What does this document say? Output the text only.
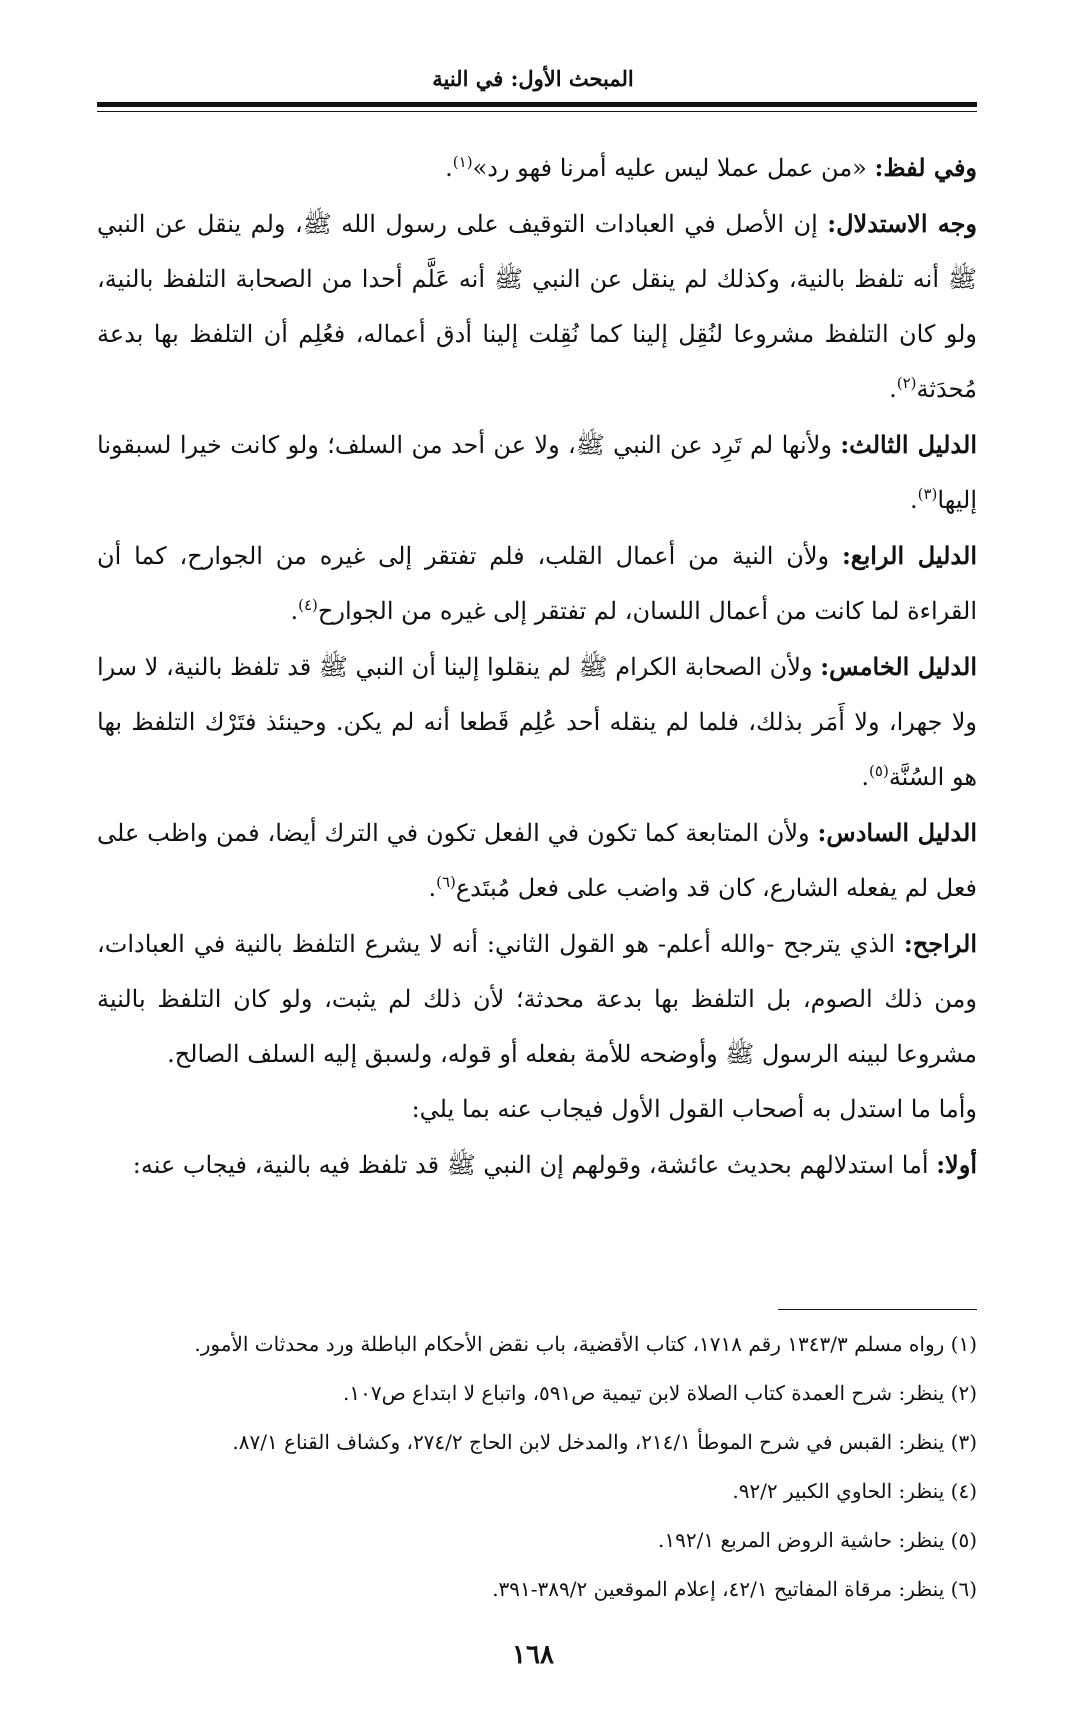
المبحث الأول: في النية

وفي لفظ: «من عمل عملا ليس عليه أمرنا فهو رد»$^{(١)}$.

وجه الاستدلال: إن الأصل في العبادات التوقيف على رسول الله ﷺ، ولم ينقل عن النبي ﷺ أنه تلفظ بالنية، وكذلك لم ينقل عن النبي ﷺ أنه عَلَّم أحدا من الصحابة التلفظ بالنية، ولو كان التلفظ مشروعا لنُقِل إلينا كما نُقِلت إلينا أدق أعماله، فعُلِم أن التلفظ بها بدعة مُحدَثة$^{(٢)}$.

الدليل الثالث: ولأنها لم تَرِد عن النبي ﷺ، ولا عن أحد من السلف؛ ولو كانت خيرا لسبقونا إليها$^{(٣)}$.

الدليل الرابع: ولأن النية من أعمال القلب، فلم تفتقر إلى غيره من الجوارح، كما أن القراءة لما كانت من أعمال اللسان، لم تفتقر إلى غيره من الجوارح$^{(٤)}$.

الدليل الخامس: ولأن الصحابة الكرام ﷺ لم ينقلوا إلينا أن النبي ﷺ قد تلفظ بالنية، لا سرا ولا جهرا، ولا أَمَر بذلك، فلما لم ينقله أحد عُلِم قَطعا أنه لم يكن. وحينئذ فتَرْك التلفظ بها هو السُنَّة$^{(٥)}$.

الدليل السادس: ولأن المتابعة كما تكون في الفعل تكون في الترك أيضا، فمن واظب على فعل لم يفعله الشارع، كان قد واضب على فعل مُبتَدع$^{(٦)}$.

الراجح: الذي يترجح -والله أعلم- هو القول الثاني: أنه لا يشرع التلفظ بالنية في العبادات، ومن ذلك الصوم، بل التلفظ بها بدعة محدثة؛ لأن ذلك لم يثبت، ولو كان التلفظ بالنية مشروعا لبينه الرسول ﷺ وأوضحه للأمة بفعله أو قوله، ولسبق إليه السلف الصالح.

وأما ما استدل به أصحاب القول الأول فيجاب عنه بما يلي:

أولا: أما استدلالهم بحديث عائشة، وقولهم إن النبي ﷺ قد تلفظ فيه بالنية، فيجاب عنه:

(١) رواه مسلم ١٣٤٣/٣ رقم ١٧١٨، كتاب الأقضية، باب نقض الأحكام الباطلة ورد محدثات الأمور.

(٢) ينظر: شرح العمدة كتاب الصلاة لابن تيمية ص٥٩١، واتباع لا ابتداع ص١٠٧.

(٣) ينظر: القبس في شرح الموطأ ٢١٤/١، والمدخل لابن الحاج ٢٧٤/٢، وكشاف القناع ٨٧/١.

(٤) ينظر: الحاوي الكبير ٩٢/٢.

(٥) ينظر: حاشية الروض المربع ١٩٢/١.

(٦) ينظر: مرقاة المفاتيح ٤٢/١، إعلام الموقعين ٣٨٩/٢-٣٩١.

١٦٨
